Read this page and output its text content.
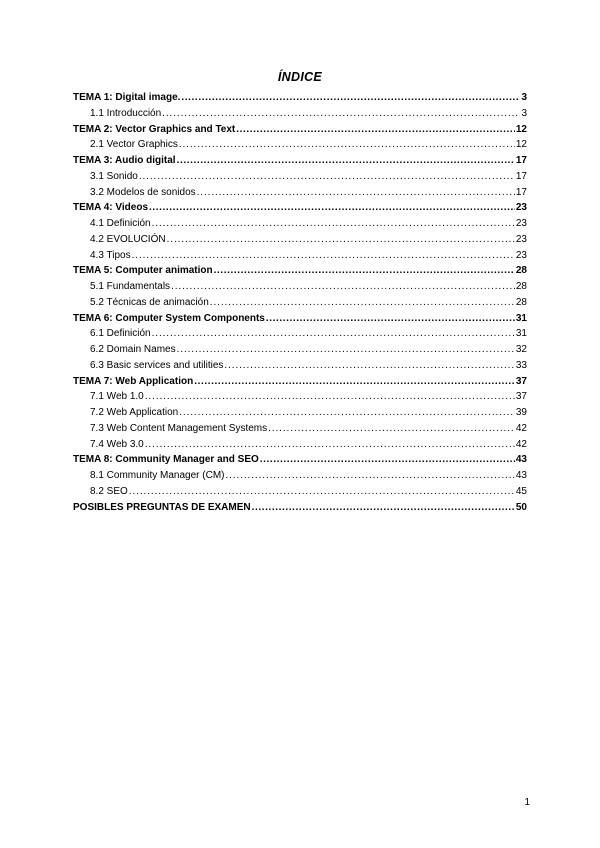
ÍNDICE
TEMA 1: Digital image. .....	3
1.1 Introducción .....	3
TEMA 2: Vector Graphics and Text .....	12
2.1 Vector Graphics .....	12
TEMA 3: Audio digital .....	17
3.1 Sonido .....	17
3.2 Modelos de sonidos .....	17
TEMA 4: Videos .....	23
4.1 Definición .....	23
4.2 EVOLUCIÓN .....	23
4.3 Tipos .....	23
TEMA 5: Computer animation .....	28
5.1 Fundamentals .....	28
5.2 Técnicas de animación .....	28
TEMA 6: Computer System Components .....	31
6.1 Definición .....	31
6.2 Domain Names .....	32
6.3 Basic services and utilities .....	33
TEMA 7: Web Application .....	37
7.1 Web 1.0 .....	37
7.2 Web Application .....	39
7.3 Web Content Management Systems .....	42
7.4 Web 3.0 .....	42
TEMA 8: Community Manager and SEO .....	43
8.1 Community Manager (CM) .....	43
8.2 SEO .....	45
POSIBLES PREGUNTAS DE EXAMEN .....	50
1
